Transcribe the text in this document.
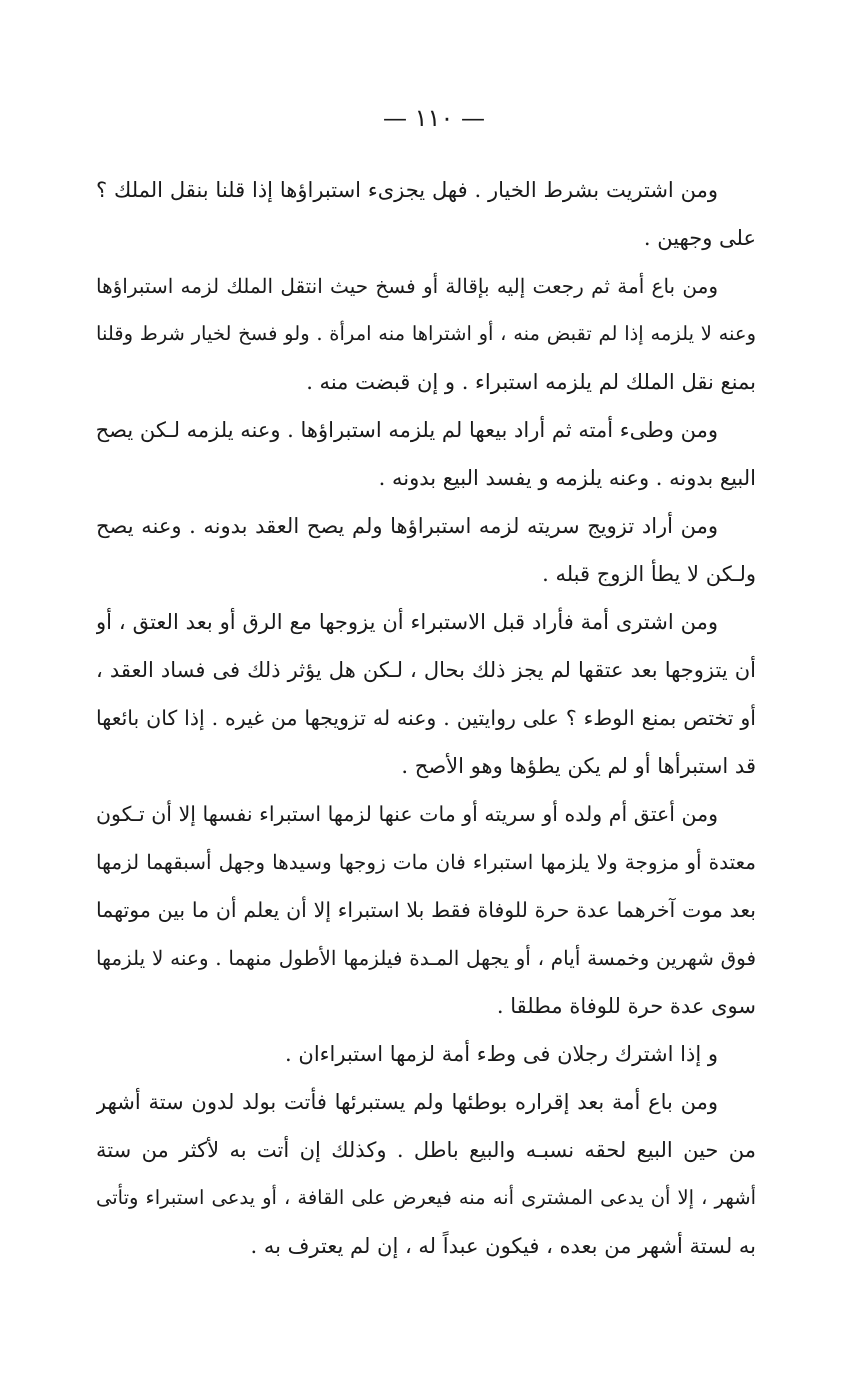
— ١١٠ —
ومن اشتريت بشرط الخيار . فهل يجزىء استبراؤها إذا قلنا بنقل الملك ؟
على وجهين .
ومن باع أمة ثم رجعت إليه بإقالة أو فسخ حيث انتقل الملك لزمه استبراؤها
وعنه لا يلزمه إذا لم تقبض منه ، أو اشتراها منه امرأة . ولو فسخ لخيار شرط وقلنا
بمنع نقل الملك لم يلزمه استبراء . و إن قبضت منه .
ومن وطىء أمته ثم أراد بيعها لم يلزمه استبراؤها . وعنه يلزمه لـكن يصح
البيع بدونه . وعنه يلزمه و يفسد البيع بدونه .
ومن أراد تزويج سريته لزمه استبراؤها ولم يصح العقد بدونه . وعنه يصح
ولـكن لا يطأ الزوج قبله .
ومن اشترى أمة فأراد قبل الاستبراء أن يزوجها مع الرق أو بعد العتق ، أو
أن يتزوجها بعد عتقها لم يجز ذلك بحال ، لـكن هل يؤثر ذلك فى فساد العقد ،
أو تختص بمنع الوطء ؟ على روايتين . وعنه له تزويجها من غيره . إذا كان بائعها
قد استبرأها أو لم يكن يطؤها وهو الأصح .
ومن أعتق أم ولده أو سريته أو مات عنها لزمها استبراء نفسها إلا أن تـكون
معتدة أو مزوجة ولا يلزمها استبراء فان مات زوجها وسيدها وجهل أسبقهما لزمها
بعد موت آخرهما عدة حرة للوفاة فقط بلا استبراء إلا أن يعلم أن ما بين موتهما
فوق شهرين وخمسة أيام ، أو يجهل المـدة فيلزمها الأطول منهما . وعنه لا يلزمها
سوى عدة حرة للوفاة مطلقا .
و إذا اشترك رجلان فى وطء أمة لزمها استبراءان .
ومن باع أمة بعد إقراره بوطئها ولم يستبرئها فأتت بولد لدون ستة أشهر
من حين البيع لحقه نسبـه والبيع باطل . وكذلك إن أتت به لأكثر من ستة
أشهر ، إلا أن يدعى المشترى أنه منه فيعرض على القافة ، أو يدعى استبراء وتأتى
به لستة أشهر من بعده ، فيكون عبداً له ، إن لم يعترف به .
